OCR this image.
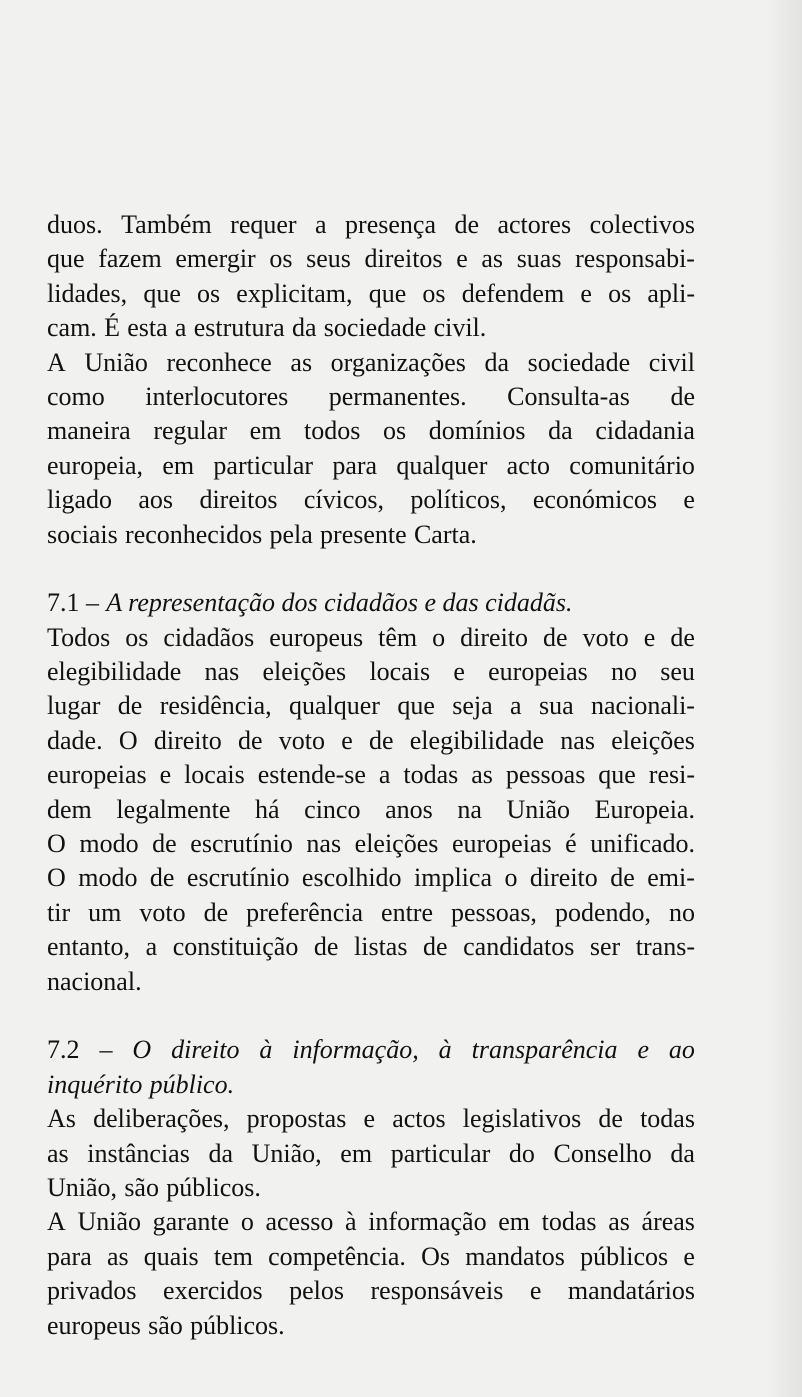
duos. Também requer a presença de actores colectivos
que fazem emergir os seus direitos e as suas responsabi-
lidades, que os explicitam, que os defendem e os apli-
cam. É esta a estrutura da sociedade civil.
A União reconhece as organizações da sociedade civil
como interlocutores permanentes. Consulta-as de
maneira regular em todos os domínios da cidadania
europeia, em particular para qualquer acto comunitário
ligado aos direitos cívicos, políticos, económicos e
sociais reconhecidos pela presente Carta.
7.1 – A representação dos cidadãos e das cidadãs.
Todos os cidadãos europeus têm o direito de voto e de
elegibilidade nas eleições locais e europeias no seu
lugar de residência, qualquer que seja a sua nacionali-
dade. O direito de voto e de elegibilidade nas eleições
europeias e locais estende-se a todas as pessoas que resi-
dem legalmente há cinco anos na União Europeia.
O modo de escrutínio nas eleições europeias é unificado.
O modo de escrutínio escolhido implica o direito de emi-
tir um voto de preferência entre pessoas, podendo, no
entanto, a constituição de listas de candidatos ser trans-
nacional.
7.2 – O direito à informação, à transparência e ao
inquérito público.
As deliberações, propostas e actos legislativos de todas
as instâncias da União, em particular do Conselho da
União, são públicos.
A União garante o acesso à informação em todas as áreas
para as quais tem competência. Os mandatos públicos e
privados exercidos pelos responsáveis e mandatários
europeus são públicos.
